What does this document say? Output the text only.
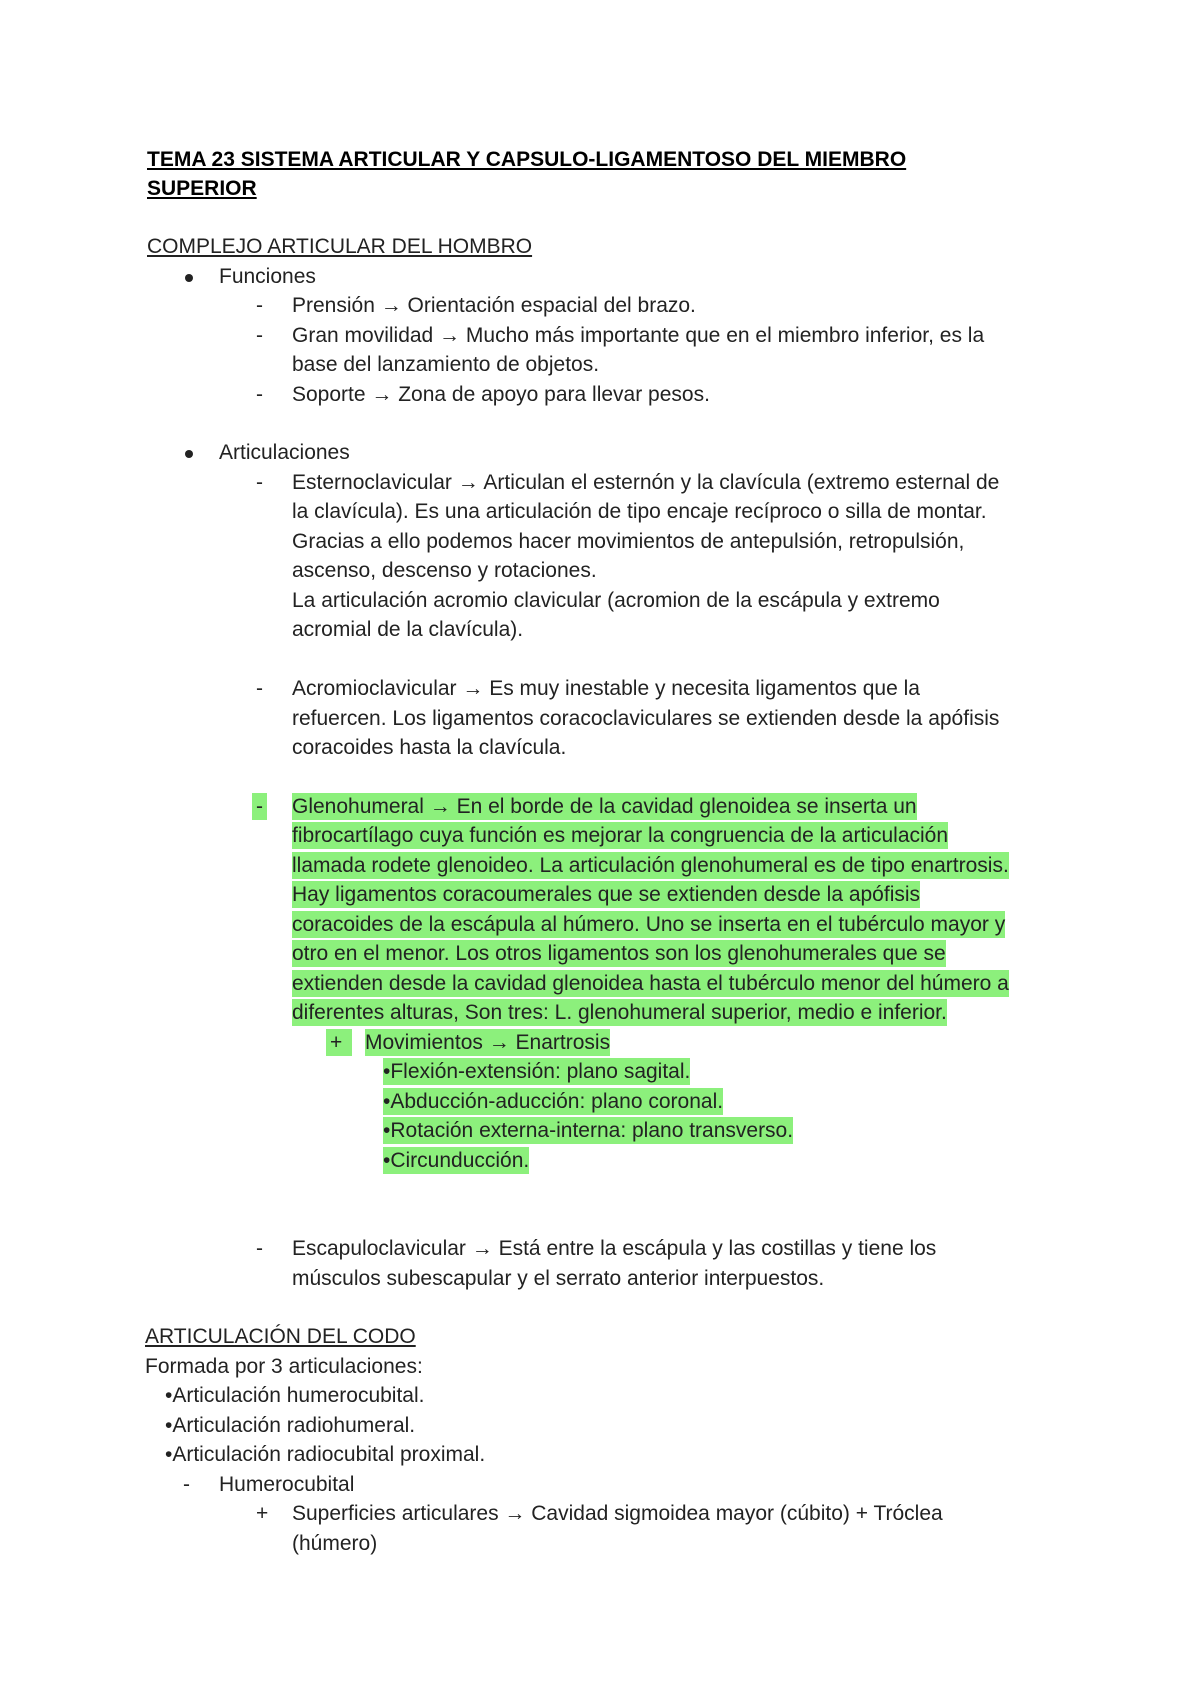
TEMA 23 SISTEMA ARTICULAR Y CAPSULO-LIGAMENTOSO DEL MIEMBRO
SUPERIOR
COMPLEJO ARTICULAR DEL HOMBRO
Funciones
- Prensión → Orientación espacial del brazo.
- Gran movilidad → Mucho más importante que en el miembro inferior, es la
base del lanzamiento de objetos.
- Soporte → Zona de apoyo para llevar pesos.
Articulaciones
- Esternoclavicular → Articulan el esternón y la clavícula (extremo esternal de
la clavícula). Es una articulación de tipo encaje recíproco o silla de montar.
Gracias a ello podemos hacer movimientos de antepulsión, retropulsión,
ascenso, descenso y rotaciones.
La articulación acromio clavicular (acromion de la escápula y extremo
acromial de la clavícula).
- Acromioclavicular → Es muy inestable y necesita ligamentos que la
refuercen. Los ligamentos coracoclaviculares se extienden desde la apófisis
coracoides hasta la clavícula.
- Glenohumeral → En el borde de la cavidad glenoidea se inserta un
fibrocartílago cuya función es mejorar la congruencia de la articulación
llamada rodete glenoideo. La articulación glenohumeral es de tipo enartrosis.
Hay ligamentos coracoumerales que se extienden desde la apófisis
coracoides de la escápula al húmero. Uno se inserta en el tubérculo mayor y
otro en el menor. Los otros ligamentos son los glenohumerales que se
extienden desde la cavidad glenoidea hasta el tubérculo menor del húmero a
diferentes alturas, Son tres: L. glenohumeral superior, medio e inferior.
+	Movimientos → Enartrosis
•Flexión-extensión: plano sagital.
•Abducción-aducción: plano coronal.
•Rotación externa-interna: plano transverso.
•Circunducción.
- Escapuloclavicular → Está entre la escápula y las costillas y tiene los
músculos subescapular y el serrato anterior interpuestos.
ARTICULACIÓN DEL CODO
Formada por 3 articulaciones:
•Articulación humerocubital.
•Articulación radiohumeral.
•Articulación radiocubital proximal.
- Humerocubital
+ Superficies articulares → Cavidad sigmoidea mayor (cúbito) + Tróclea
(húmero)
